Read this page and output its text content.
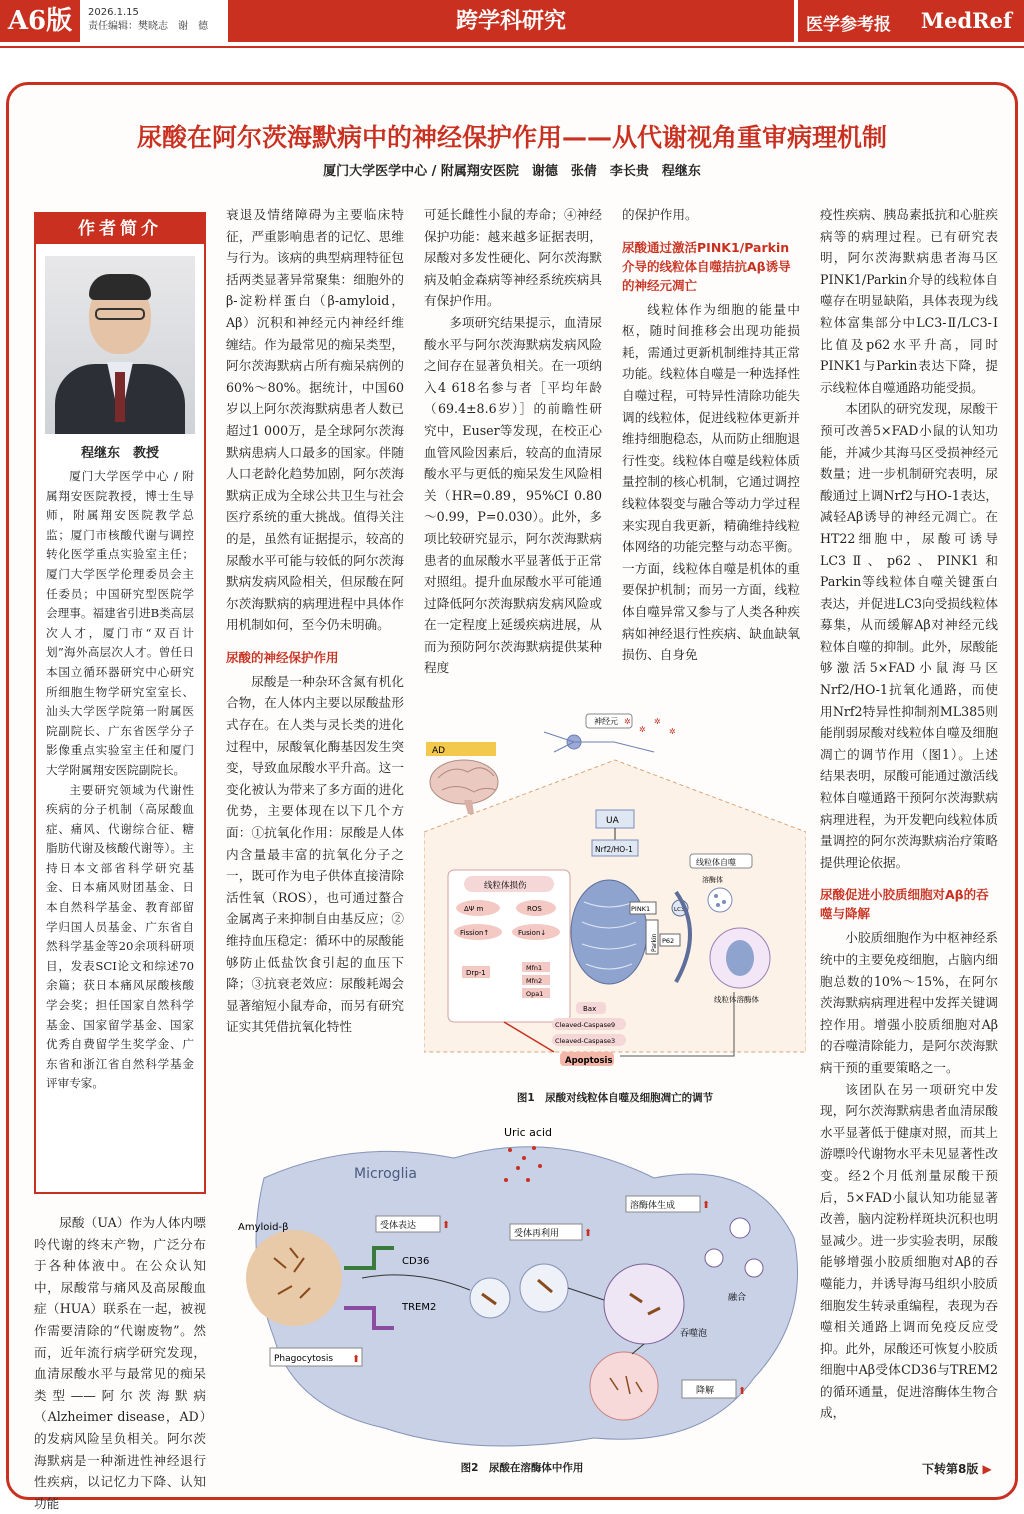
A6版	2026.1.15
责任编辑：樊晓志　谢　德	跨学科研究	医学参考报 MedRef
尿酸在阿尔茨海默病中的神经保护作用——从代谢视角重审病理机制
厦门大学医学中心 / 附属翔安医院　谢德　张倩　李长贵　程继东
作者简介
程继东　教授

厦门大学医学中心 / 附属翔安医院教授，博士生导师，附属翔安医院教学总监；厦门市核酸代谢与调控转化医学重点实验室主任；厦门大学医学伦理委员会主任委员；中国研究型医院学会理事。福建省引进B类高层次人才，厦门市“双百计划”海外高层次人才。曾任日本国立循环器研究中心研究所细胞生物学研究室室长、汕头大学医学院第一附属医院副院长、广东省医学分子影像重点实验室主任和厦门大学附属翔安医院副院长。

主要研究领域为代谢性疾病的分子机制（高尿酸血症、痛风、代谢综合征、糖脂肪代谢及核酸代谢等）。主持日本文部省科学研究基金、日本痛风财团基金、日本自然科学基金、教育部留学归国人员基金、广东省自然科学基金等20余项科研项目，发表SCI论文和综述70余篇；获日本痛风尿酸核酸学会奖；担任国家自然科学基金、国家留学基金、国家优秀自费留学生奖学金、广东省和浙江省自然科学基金评审专家。

尿酸（UA）作为人体内嘌呤代谢的终末产物，广泛分布于各种体液中。在公众认知中，尿酸常与痛风及高尿酸血症（HUA）联系在一起，被视作需要清除的“代谢废物”。然而，近年流行病学研究发现，血清尿酸水平与最常见的痴呆类型——阿尔茨海默病（Alzheimer disease，AD）的发病风险呈负相关。阿尔茨海默病是一种渐进性神经退行性疾病，以记忆力下降、认知功能

衰退及情绪障碍为主要临床特征，严重影响患者的记忆、思维与行为。该病的典型病理特征包括两类显著异常聚集：细胞外的β-淀粉样蛋白（β-amyloid，Aβ）沉积和神经元内神经纤维缠结。作为最常见的痴呆类型，阿尔茨海默病占所有痴呆病例的60%～80%。据统计，中国60岁以上阿尔茨海默病患者人数已超过1 000万，是全球阿尔茨海默病患病人口最多的国家。伴随人口老龄化趋势加剧，阿尔茨海默病正成为全球公共卫生与社会医疗系统的重大挑战。值得关注的是，虽然有证据提示，较高的尿酸水平可能与较低的阿尔茨海默病发病风险相关，但尿酸在阿尔茨海默病的病理进程中具体作用机制如何，至今仍未明确。

尿酸的神经保护作用

尿酸是一种杂环含氮有机化合物，在人体内主要以尿酸盐形式存在。在人类与灵长类的进化过程中，尿酸氧化酶基因发生突变，导致血尿酸水平升高。这一变化被认为带来了多方面的进化优势，主要体现在以下几个方面：①抗氧化作用：尿酸是人体内含量最丰富的抗氧化分子之一，既可作为电子供体直接清除活性氧（ROS），也可通过螯合金属离子来抑制自由基反应；②维持血压稳定：循环中的尿酸能够防止低盐饮食引起的血压下降；③抗衰老效应：尿酸耗竭会显著缩短小鼠寿命，而另有研究证实其凭借抗氧化特性

可延长雌性小鼠的寿命；④神经保护功能：越来越多证据表明，尿酸对多发性硬化、阿尔茨海默病及帕金森病等神经系统疾病具有保护作用。

多项研究结果提示，血清尿酸水平与阿尔茨海默病发病风险之间存在显著负相关。在一项纳入4 618名参与者［平均年龄（69.4±8.6岁）］的前瞻性研究中，Euser等发现，在校正心血管风险因素后，较高的血清尿酸水平与更低的痴呆发生风险相关（HR=0.89，95%CI 0.80～0.99，P=0.030）。此外，多项比较研究显示，阿尔茨海默病患者的血尿酸水平显著低于正常对照组。提升血尿酸水平可能通过降低阿尔茨海默病发病风险或在一定程度上延缓疾病进展，从而为预防阿尔茨海默病提供某种程度

的保护作用。

尿酸通过激活PINK1/Parkin介导的线粒体自噬拮抗Aβ诱导的神经元凋亡

线粒体作为细胞的能量中枢，随时间推移会出现功能损耗，需通过更新机制维持其正常功能。线粒体自噬是一种选择性自噬过程，可特异性清除功能失调的线粒体，促进线粒体更新并维持细胞稳态，从而防止细胞退行性变。线粒体自噬是线粒体质量控制的核心机制，它通过调控线粒体裂变与融合等动力学过程来实现自我更新，精确维持线粒体网络的功能完整与动态平衡。一方面，线粒体自噬是机体的重要保护机制；而另一方面，线粒体自噬异常又参与了人类各种疾病如神经退行性疾病、缺血缺氧损伤、自身免

疫性疾病、胰岛素抵抗和心脏疾病等的病理过程。已有研究表明，阿尔茨海默病患者海马区PINK1/Parkin介导的线粒体自噬存在明显缺陷，具体表现为线粒体富集部分中LC3-Ⅱ/LC3-Ⅰ比值及p62水平升高，同时PINK1与Parkin表达下降，提示线粒体自噬通路功能受损。

本团队的研究发现，尿酸干预可改善5×FAD小鼠的认知功能，并减少其海马区受损神经元数量；进一步机制研究表明，尿酸通过上调Nrf2与HO-1表达，减轻Aβ诱导的神经元凋亡。在HT22细胞中，尿酸可诱导LC3Ⅱ、p62、PINK1和Parkin等线粒体自噬关键蛋白表达，并促进LC3向受损线粒体募集，从而缓解Aβ对神经元线粒体自噬的抑制。此外，尿酸能够激活5×FAD小鼠海马区Nrf2/HO-1抗氧化通路，而使用Nrf2特异性抑制剂ML385则能削弱尿酸对线粒体自噬及细胞凋亡的调节作用（图1）。上述结果表明，尿酸可能通过激活线粒体自噬通路干预阿尔茨海默病病理进程，为开发靶向线粒体质量调控的阿尔茨海默病治疗策略提供理论依据。

尿酸促进小胶质细胞对Aβ的吞噬与降解

小胶质细胞作为中枢神经系统中的主要免疫细胞，占脑内细胞总数的10%～15%，在阿尔茨海默病病理进程中发挥关键调控作用。增强小胶质细胞对Aβ的吞噬清除能力，是阿尔茨海默病干预的重要策略之一。

该团队在另一项研究中发现，阿尔茨海默病患者血清尿酸水平显著低于健康对照，而其上游嘌呤代谢物水平未见显著性改变。经2个月低剂量尿酸干预后，5×FAD小鼠认知功能显著改善，脑内淀粉样斑块沉积也明显减少。进一步实验表明，尿酸能够增强小胶质细胞对Aβ的吞噬能力，并诱导海马组织小胶质细胞发生转录重编程，表现为吞噬相关通路上调而免疫反应受抑。此外，尿酸还可恢复小胶质细胞中Aβ受体CD36与TREM2的循环通量，促进溶酶体生物合成，

AD
神经元 ✲
✲
✲
✲
UA
Nrf2/HO-1
线粒体损伤
ΔΨ m	ROS
Fission↑	Fusion↓
Drp-1
Mfn1
Mfn2
Opa1
PINK1
Parkin P62
LC3
线粒体自噬
溶酶体
线粒体溶酶体
Bax
Cleaved-Caspase9
Cleaved-Caspase3
Apoptosis
图1　尿酸对线粒体自噬及细胞凋亡的调节
Microglia
Uric acid
Amyloid-β
CD36
TREM2
Phagocytosis ⬆
受体表达	⬆
受体再利用 ⬆
溶酶体生成	⬆
融合
吞噬泡
降解 ⬆
图2　尿酸在溶酶体中作用	下转第8版 ▶
